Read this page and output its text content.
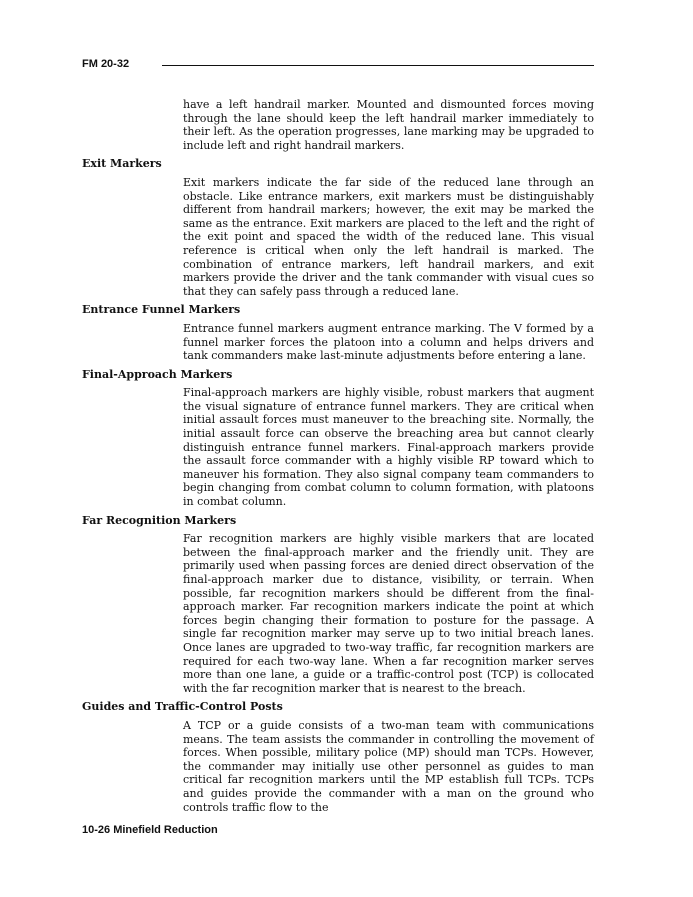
FM 20-32

have a left handrail marker. Mounted and dismounted forces moving through the lane should keep the left handrail marker immediately to their left. As the operation progresses, lane marking may be upgraded to include left and right handrail markers.

Exit Markers

Exit markers indicate the far side of the reduced lane through an obstacle. Like entrance markers, exit markers must be distinguishably different from handrail markers; however, the exit may be marked the same as the entrance. Exit markers are placed to the left and the right of the exit point and spaced the width of the reduced lane. This visual reference is critical when only the left handrail is marked. The combination of entrance markers, left handrail markers, and exit markers provide the driver and the tank commander with visual cues so that they can safely pass through a reduced lane.

Entrance Funnel Markers

Entrance funnel markers augment entrance marking. The V formed by a funnel marker forces the platoon into a column and helps drivers and tank commanders make last-minute adjustments before entering a lane.

Final-Approach Markers

Final-approach markers are highly visible, robust markers that augment the visual signature of entrance funnel markers. They are critical when initial assault forces must maneuver to the breaching site. Normally, the initial assault force can observe the breaching area but cannot clearly distinguish entrance funnel markers. Final-approach markers provide the assault force commander with a highly visible RP toward which to maneuver his formation. They also signal company team commanders to begin changing from combat column to column formation, with platoons in combat column.

Far Recognition Markers

Far recognition markers are highly visible markers that are located between the final-approach marker and the friendly unit. They are primarily used when passing forces are denied direct observation of the final-approach marker due to distance, visibility, or terrain. When possible, far recognition markers should be different from the final-approach marker. Far recognition markers indicate the point at which forces begin changing their formation to posture for the passage. A single far recognition marker may serve up to two initial breach lanes. Once lanes are upgraded to two-way traffic, far recognition markers are required for each two-way lane. When a far recognition marker serves more than one lane, a guide or a traffic-control post (TCP) is collocated with the far recognition marker that is nearest to the breach.

Guides and Traffic-Control Posts

A TCP or a guide consists of a two-man team with communications means. The team assists the commander in controlling the movement of forces. When possible, military police (MP) should man TCPs. However, the commander may initially use other personnel as guides to man critical far recognition markers until the MP establish full TCPs. TCPs and guides provide the commander with a man on the ground who controls traffic flow to the

10-26 Minefield Reduction
